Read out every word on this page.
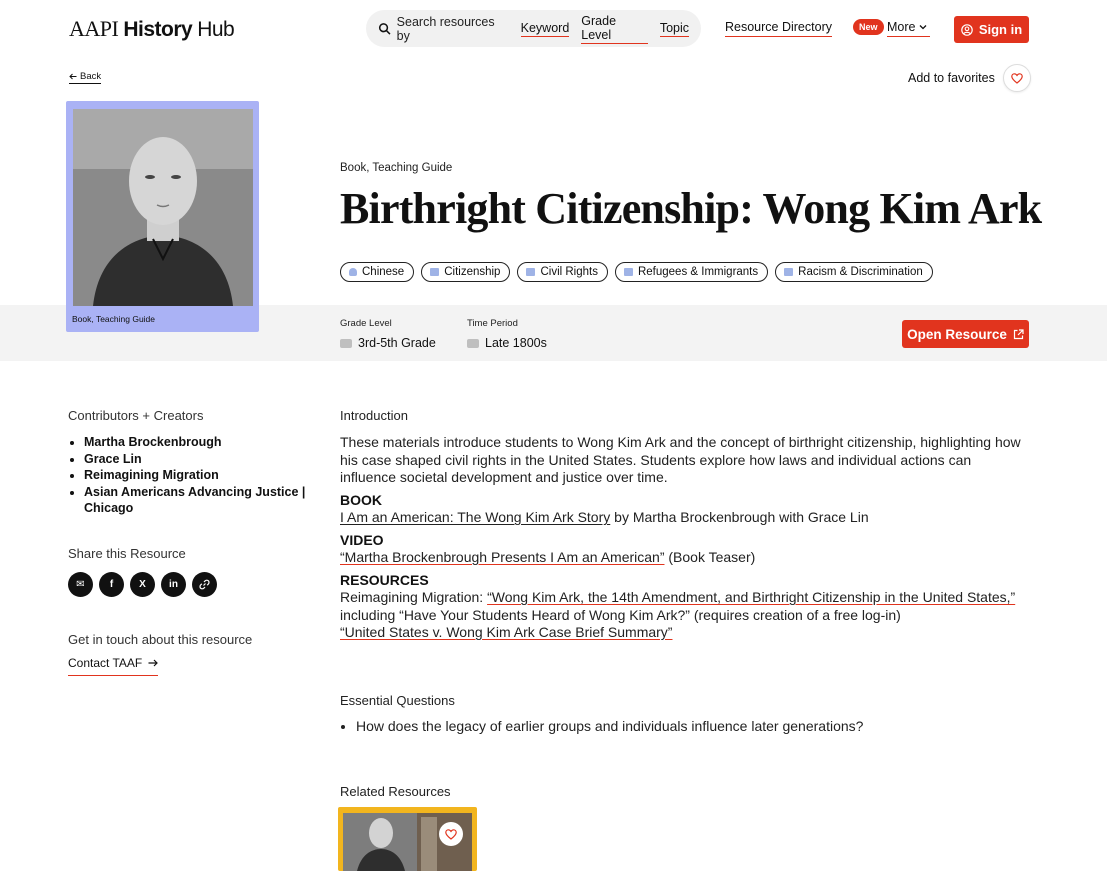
AAPI History Hub	Search resources by
Keyword Grade Level	Topic	Resource Directory	New More	Sign in
Back	Add to favorites
Book, Teaching Guide
Book, Teaching Guide
Birthright Citizenship: Wong Kim Ark
Chinese	Citizenship	Civil Rights	Refugees & Immigrants	Racism & Discrimination
Grade Level
3rd-5th Grade
Time Period
Late 1800s
Open Resource
Contributors + Creators
• Martha Brockenbrough
• Grace Lin
• Reimagining Migration
• Asian Americans Advancing Justice | Chicago
Share this Resource
✉	f	X in
Get in touch about this resource
Contact TAAF
Introduction

These materials introduce students to Wong Kim Ark and the concept of birthright citizenship, highlighting how his case shaped civil rights in the United States. Students explore how laws and individual actions can influence societal development and justice over time.

BOOK

I Am an American: The Wong Kim Ark Story by Martha Brockenbrough with Grace Lin

VIDEO

“Martha Brockenbrough Presents I Am an American” (Book Teaser)

RESOURCES

Reimagining Migration: “Wong Kim Ark, the 14th Amendment, and Birthright Citizenship in the United States,” including “Have Your Students Heard of Wong Kim Ark?” (requires creation of a free log-in)

“United States v. Wong Kim Ark Case Brief Summary”

Essential Questions
• How does the legacy of earlier groups and individuals influence later generations?
Related Resources
